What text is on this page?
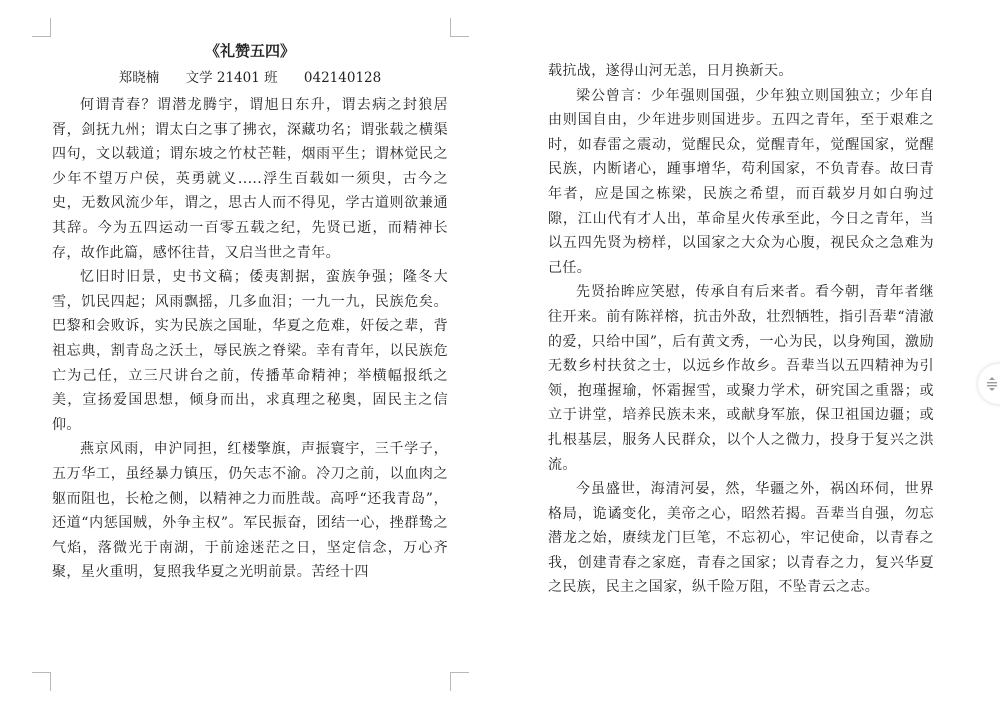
《礼赞五四》
郑晓楠 文学 21401 班 042140128

何谓青春？谓潜龙腾宇，谓旭日东升，谓去病之封狼居胥，剑抚九州；谓太白之事了拂衣，深藏功名；谓张载之横渠四句，文以载道；谓东坡之竹杖芒鞋，烟雨平生；谓林觉民之少年不望万户侯，英勇就义.....浮生百载如一须臾，古今之史，无数风流少年，谓之，思古人而不得见，学古道则欲兼通其辞。今为五四运动一百零五载之纪，先贤已逝，而精神长存，故作此篇，感怀往昔，又启当世之青年。

忆旧时旧景，史书文稿；倭夷割据，蛮族争强；隆冬大雪，饥民四起；风雨飘摇，几多血泪；一九一九，民族危矣。巴黎和会败诉，实为民族之国耻，华夏之危难，奸佞之辈，背祖忘典，割青岛之沃土，辱民族之脊梁。幸有青年，以民族危亡为己任，立三尺讲台之前，传播革命精神；举横幅报纸之美，宣扬爱国思想，倾身而出，求真理之秘奥，固民主之信仰。

燕京风雨，申沪同担，红楼擎旗，声振寰宇，三千学子，五万华工，虽经暴力镇压，仍矢志不渝。冷刀之前，以血肉之躯而阻也，长枪之侧，以精神之力而胜哉。高呼“还我青岛”，还道“内惩国贼，外争主权”。军民振奋，团结一心，挫群鸷之气焰，落微光于南湖，于前途迷茫之日，坚定信念，万心齐聚，星火重明，复照我华夏之光明前景。苦经十四

载抗战，遂得山河无恙，日月换新天。

梁公曾言：少年强则国强，少年独立则国独立；少年自由则国自由，少年进步则国进步。五四之青年，至于艰难之时，如春雷之震动，觉醒民众，觉醒青年，觉醒国家，觉醒民族，内断诸心，踵事增华，苟利国家，不负青春。故曰青年者，应是国之栋梁，民族之希望，而百载岁月如白驹过隙，江山代有才人出，革命星火传承至此，今日之青年，当以五四先贤为榜样，以国家之大众为心腹，视民众之急难为己任。

先贤抬眸应笑慰，传承自有后来者。看今朝，青年者继往开来。前有陈祥榕，抗击外敌，壮烈牺牲，指引吾辈“清澈的爱，只给中国”，后有黄文秀，一心为民，以身殉国，激励无数乡村扶贫之士，以远乡作故乡。吾辈当以五四精神为引领，抱瑾握瑜，怀霜握雪，或聚力学术，研究国之重器；或立于讲堂，培养民族未来，或献身军旅，保卫祖国边疆；或扎根基层，服务人民群众，以个人之微力，投身于复兴之洪流。

今虽盛世，海清河晏，然，华疆之外，祸凶环伺，世界格局，诡谲变化，美帝之心，昭然若揭。吾辈当自强，勿忘潜龙之始，赓续龙门巨笔，不忘初心，牢记使命，以青春之我，创建青春之家庭，青春之国家；以青春之力，复兴华夏之民族，民主之国家，纵千险万阻，不坠青云之志。
